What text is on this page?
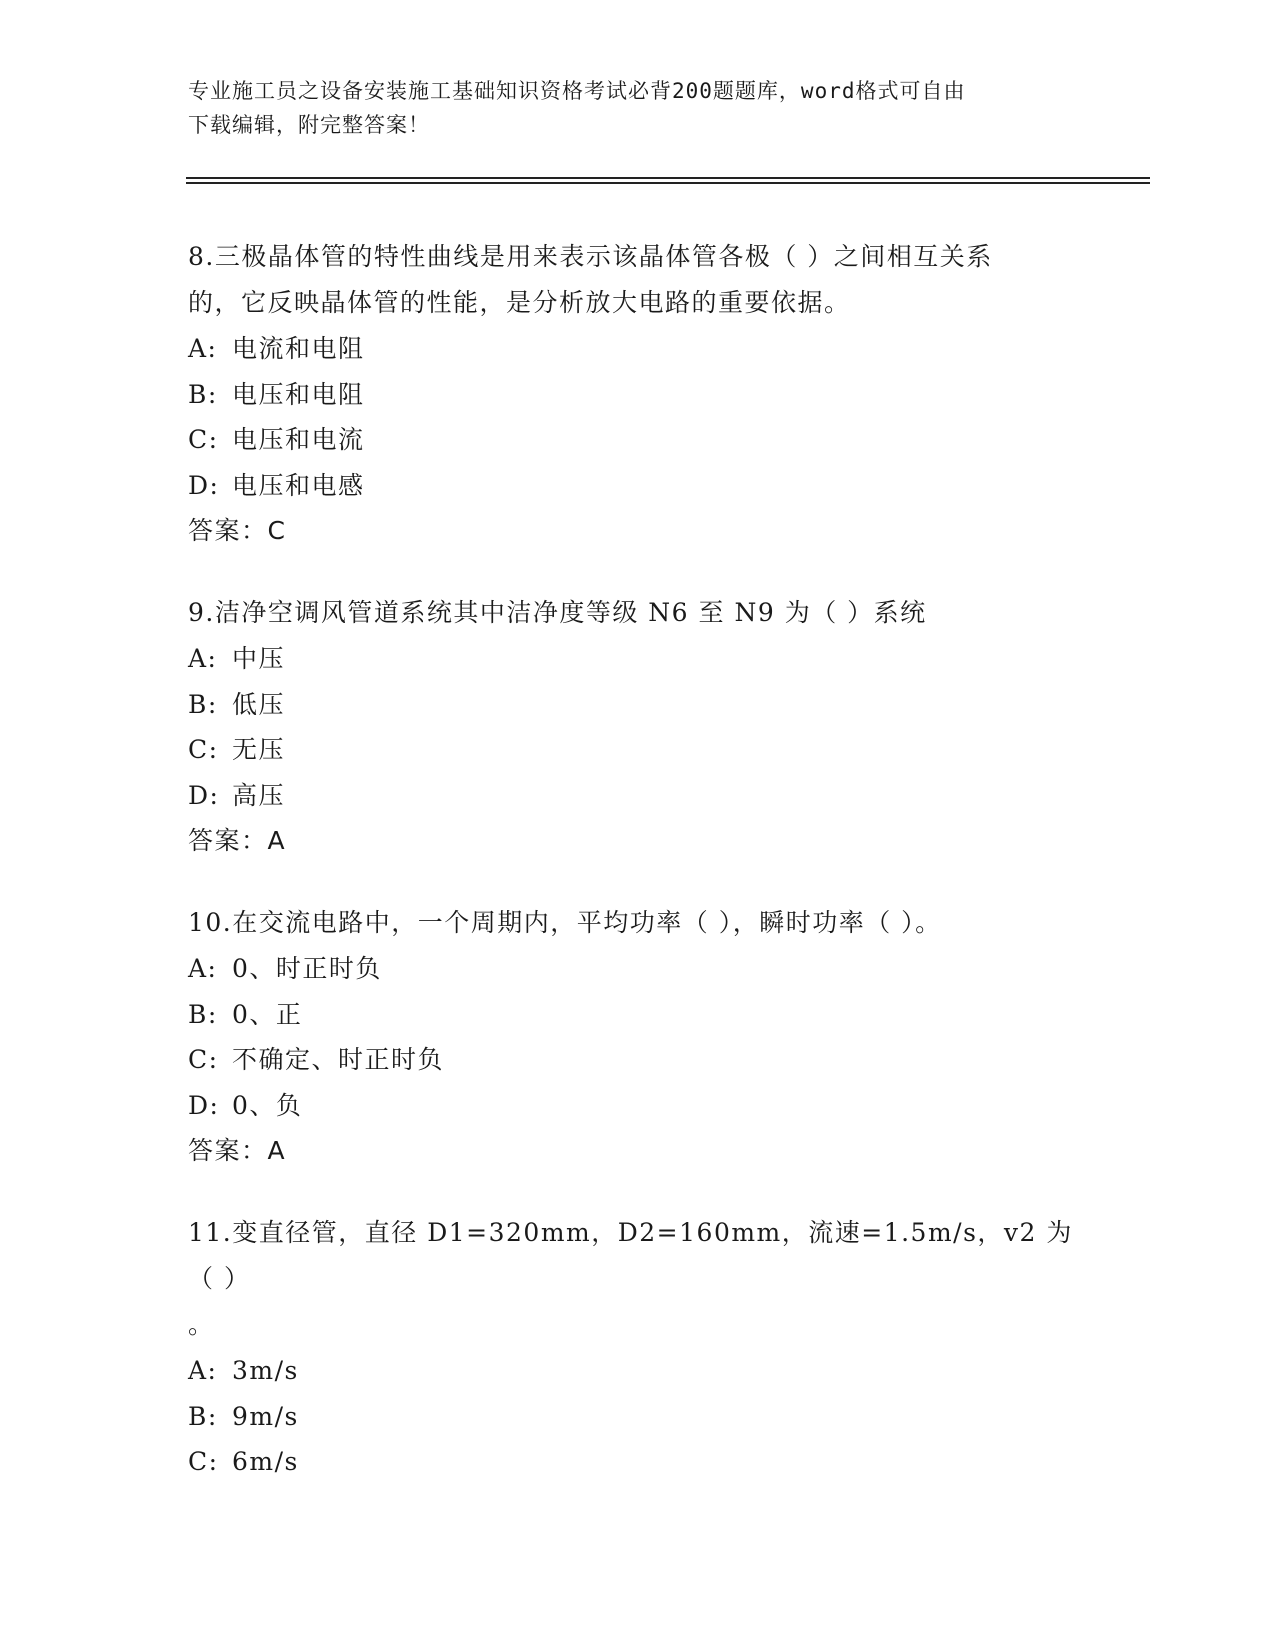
专业施工员之设备安装施工基础知识资格考试必背200题题库，word格式可自由
下载编辑，附完整答案！

8.三极晶体管的特性曲线是用来表示该晶体管各极（ ）之间相互关系

的，它反映晶体管的性能，是分析放大电路的重要依据。

A: 电流和电阻

B: 电压和电阻

C: 电压和电流

D: 电压和电感

答案：C

9.洁净空调风管道系统其中洁净度等级 N6 至 N9 为（ ）系统

A: 中压

B: 低压

C: 无压

D: 高压

答案：A

10.在交流电路中，一个周期内，平均功率（ ），瞬时功率（ ）。

A: 0、时正时负

B: 0、正

C: 不确定、时正时负

D: 0、负

答案：A

11.变直径管，直径 D1=320mm，D2=160mm，流速=1.5m/s，v2 为（ ）

。

A: 3m/s

B: 9m/s

C: 6m/s
